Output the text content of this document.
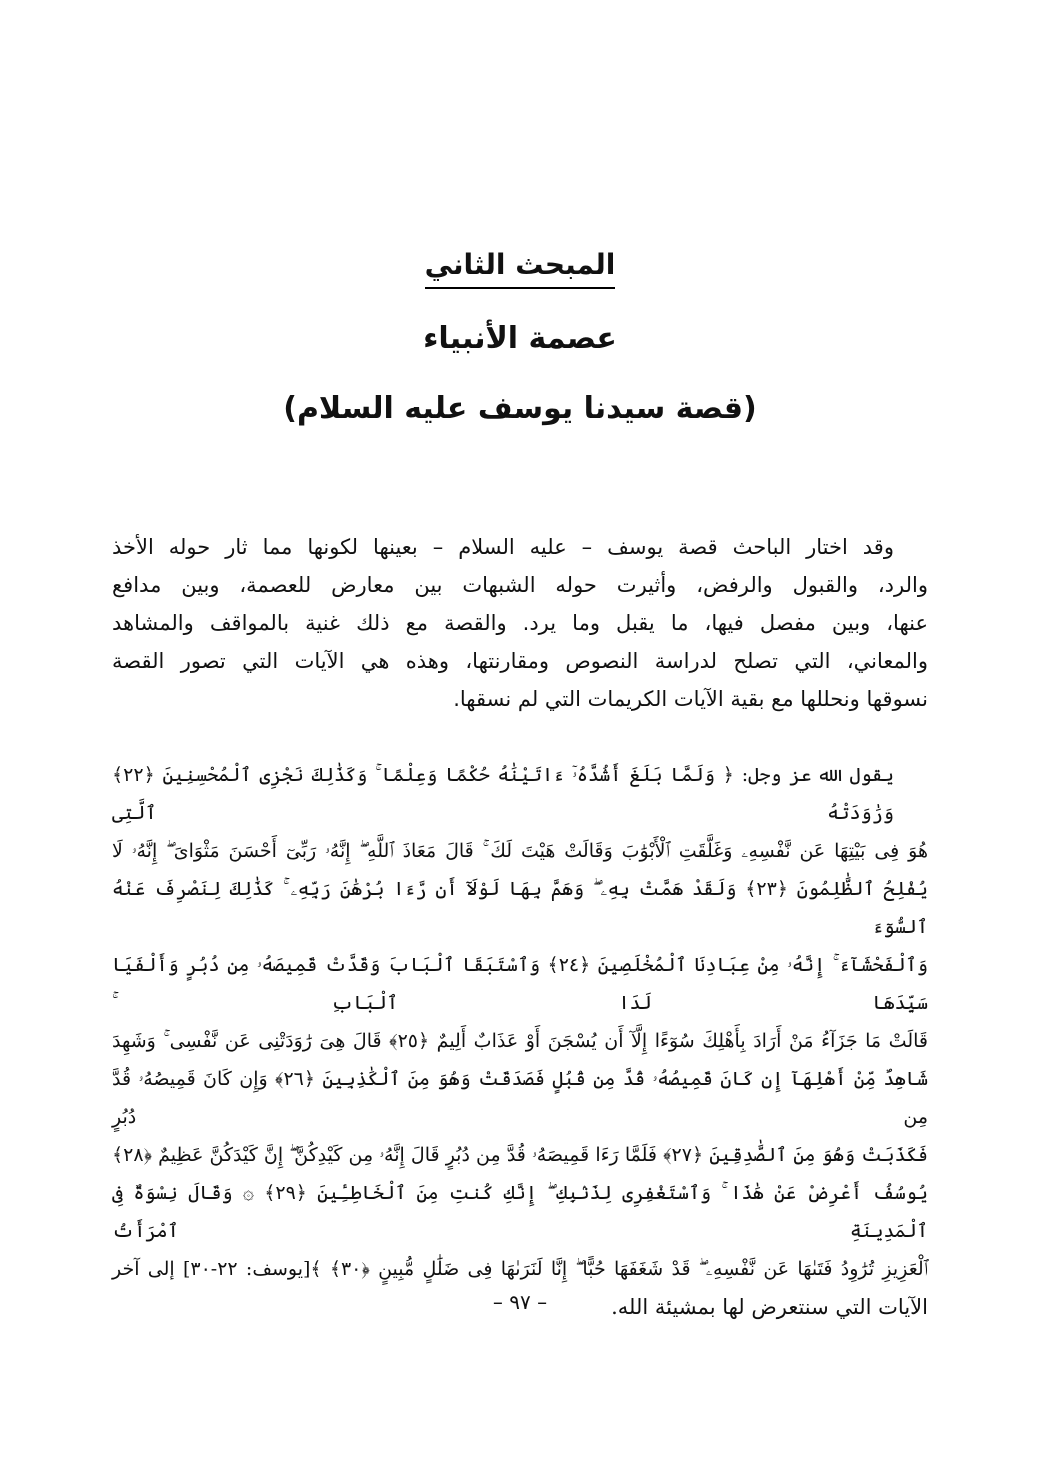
المبحث الثاني
عصمة الأنبياء
(قصة سيدنا يوسف عليه السلام)
وقد اختار الباحث قصة يوسف – عليه السلام – بعينها لكونها مما ثار حوله الأخذ
والرد، والقبول والرفض، وأثيرت حوله الشبهات بين معارض للعصمة، وبين مدافع
عنها، وبين مفصل فيها، ما يقبل وما يرد. والقصة مع ذلك غنية بالمواقف والمشاهد
والمعاني، التي تصلح لدراسة النصوص ومقارنتها، وهذه هي الآيات التي تصور القصة
نسوقها ونحللها مع بقية الآيات الكريمات التي لم نسقها.
يقول الله عز وجل: ﴿ وَلَمَّا بَلَغَ أَشُدَّهُۥٓ ءَاتَيْنَٰهُ حُكْمًا وَعِلْمًا ۚ وَكَذَٰلِكَ نَجْزِى ٱلْمُحْسِنِينَ ﴿٢٢﴾ وَرَٰوَدَتْهُ ٱلَّتِى
هُوَ فِى بَيْتِهَا عَن نَّفْسِهِۦ وَغَلَّقَتِ ٱلْأَبْوَٰبَ وَقَالَتْ هَيْتَ لَكَ ۚ قَالَ مَعَاذَ ٱللَّهِ ۖ إِنَّهُۥ رَبِّىٓ أَحْسَنَ مَثْوَاىَ ۖ إِنَّهُۥ لَا
يُفْلِحُ ٱلظَّٰلِمُونَ ﴿٢٣﴾ وَلَقَدْ هَمَّتْ بِهِۦ ۖ وَهَمَّ بِهَا لَوْلَآ أَن رَّءَا بُرْهَٰنَ رَبِّهِۦ ۚ كَذَٰلِكَ لِنَصْرِفَ عَنْهُ ٱلسُّوٓءَ
وَٱلْفَحْشَآءَ ۚ إِنَّهُۥ مِنْ عِبَادِنَا ٱلْمُخْلَصِينَ ﴿٢٤﴾ وَٱسْتَبَقَا ٱلْبَابَ وَقَدَّتْ قَمِيصَهُۥ مِن دُبُرٍ وَأَلْفَيَا سَيِّدَهَا لَدَا ٱلْبَابِ ۚ
قَالَتْ مَا جَزَآءُ مَنْ أَرَادَ بِأَهْلِكَ سُوٓءًا إِلَّآ أَن يُسْجَنَ أَوْ عَذَابٌ أَلِيمٌ ﴿٢٥﴾ قَالَ هِىَ رَٰوَدَتْنِى عَن نَّفْسِى ۚ وَشَهِدَ
شَاهِدٌ مِّنْ أَهْلِهَآ إِن كَانَ قَمِيصُهُۥ قُدَّ مِن قُبُلٍ فَصَدَقَتْ وَهُوَ مِنَ ٱلْكَٰذِبِينَ ﴿٢٦﴾ وَإِن كَانَ قَمِيصُهُۥ قُدَّ مِن دُبُرٍ
فَكَذَبَتْ وَهُوَ مِنَ ٱلصَّٰدِقِينَ ﴿٢٧﴾ فَلَمَّا رَءَا قَمِيصَهُۥ قُدَّ مِن دُبُرٍ قَالَ إِنَّهُۥ مِن كَيْدِكُنَّ ۖ إِنَّ كَيْدَكُنَّ عَظِيمٌ ﴿٢٨﴾
يُوسُفُ أَعْرِضْ عَنْ هَٰذَا ۚ وَٱسْتَغْفِرِى لِذَنۢبِكِ ۖ إِنَّكِ كُنتِ مِنَ ٱلْخَاطِـِٔينَ ﴿٢٩﴾ ۞ وَقَالَ نِسْوَةٌ فِى ٱلْمَدِينَةِ ٱمْرَأَتُ
ٱلْعَزِيزِ تُرَٰوِدُ فَتَىٰهَا عَن نَّفْسِهِۦ ۖ قَدْ شَغَفَهَا حُبًّا ۖ إِنَّا لَنَرَىٰهَا فِى ضَلَٰلٍ مُّبِينٍ ﴿٣٠﴾ ﴾[يوسف: ٢٢-٣٠] إلى آخر
الآيات التي سنتعرض لها بمشيئة الله.
– ٩٧ –
